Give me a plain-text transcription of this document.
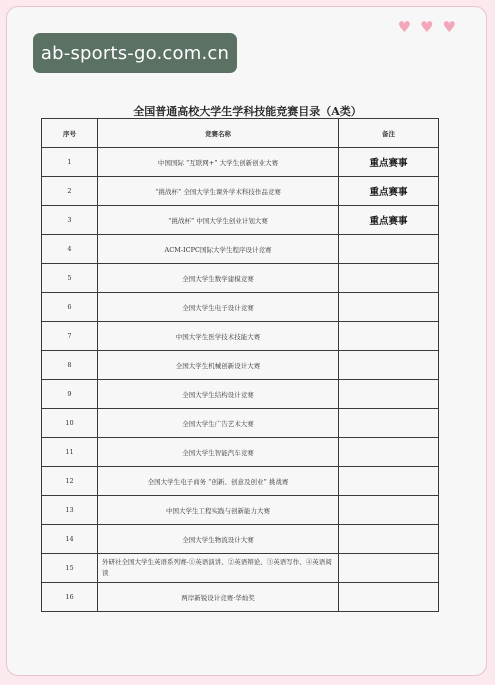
♥ ♥ ♥
全国普通高校大学生学科技能竞赛目录（A类）
ab-sports-go.com.cn
序号	竞赛名称	备注
1	中国国际 “互联网+” 大学生创新创业大赛	重点赛事
2	“挑战杯” 全国大学生课外学术科技作品竞赛	重点赛事
3	“挑战杯” 中国大学生创业计划大赛	重点赛事
4	ACM-ICPC国际大学生程序设计竞赛	
5	全国大学生数学建模竞赛	
6	全国大学生电子设计竞赛	
7	中国大学生医学技术技能大赛	
8	全国大学生机械创新设计大赛	
9	全国大学生结构设计竞赛	
10	全国大学生广告艺术大赛	
11	全国大学生智能汽车竞赛	
12	全国大学生电子商务 “创新、创意及创业” 挑战赛	
13	中国大学生工程实践与创新能力大赛	
14	全国大学生物流设计大赛	
15	外研社全国大学生英语系列赛-①英语演讲、②英语辩论、③英语写作、④英语阅读	
16	两岸新锐设计竞赛·华灿奖	
